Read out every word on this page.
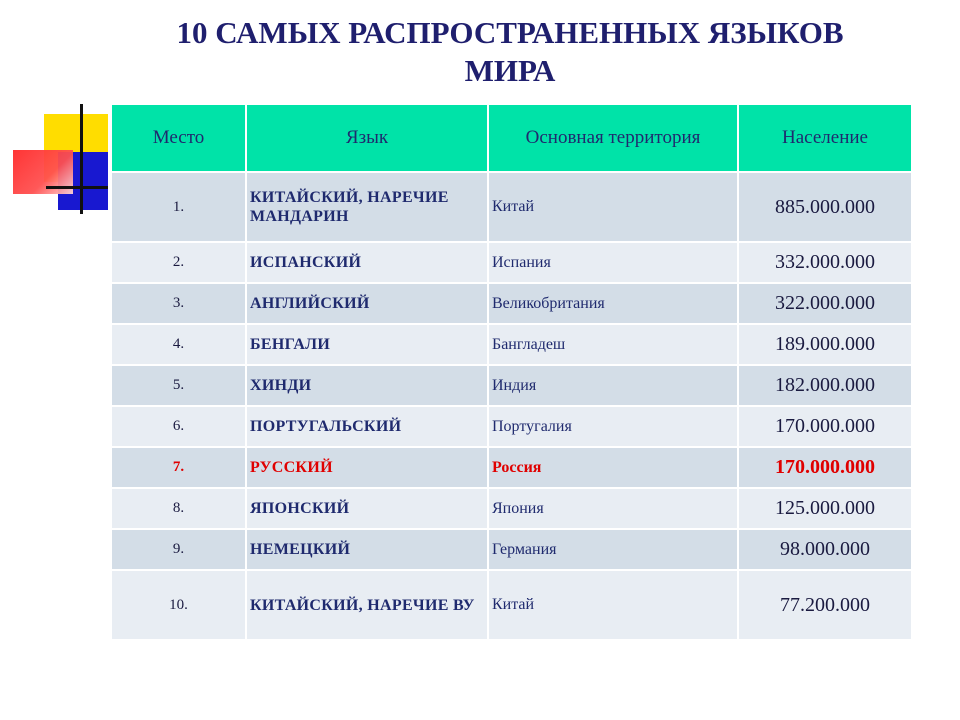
10 САМЫХ РАСПРОСТРАНЕННЫХ ЯЗЫКОВ
МИРА
Место	Язык	Основная территория	Население
1.	КИТАЙСКИЙ, НАРЕЧИЕ МАНДАРИН	Китай	885.000.000
2.	ИСПАНСКИЙ	Испания	332.000.000
3.	АНГЛИЙСКИЙ	Великобритания	322.000.000
4.	БЕНГАЛИ	Бангладеш	189.000.000
5.	ХИНДИ	Индия	182.000.000
6.	ПОРТУГАЛЬСКИЙ	Португалия	170.000.000
7.	РУССКИЙ	Россия	170.000.000
8.	ЯПОНСКИЙ	Япония	125.000.000
9.	НЕМЕЦКИЙ	Германия	98.000.000
10.	КИТАЙСКИЙ, НАРЕЧИЕ ВУ	Китай	77.200.000
